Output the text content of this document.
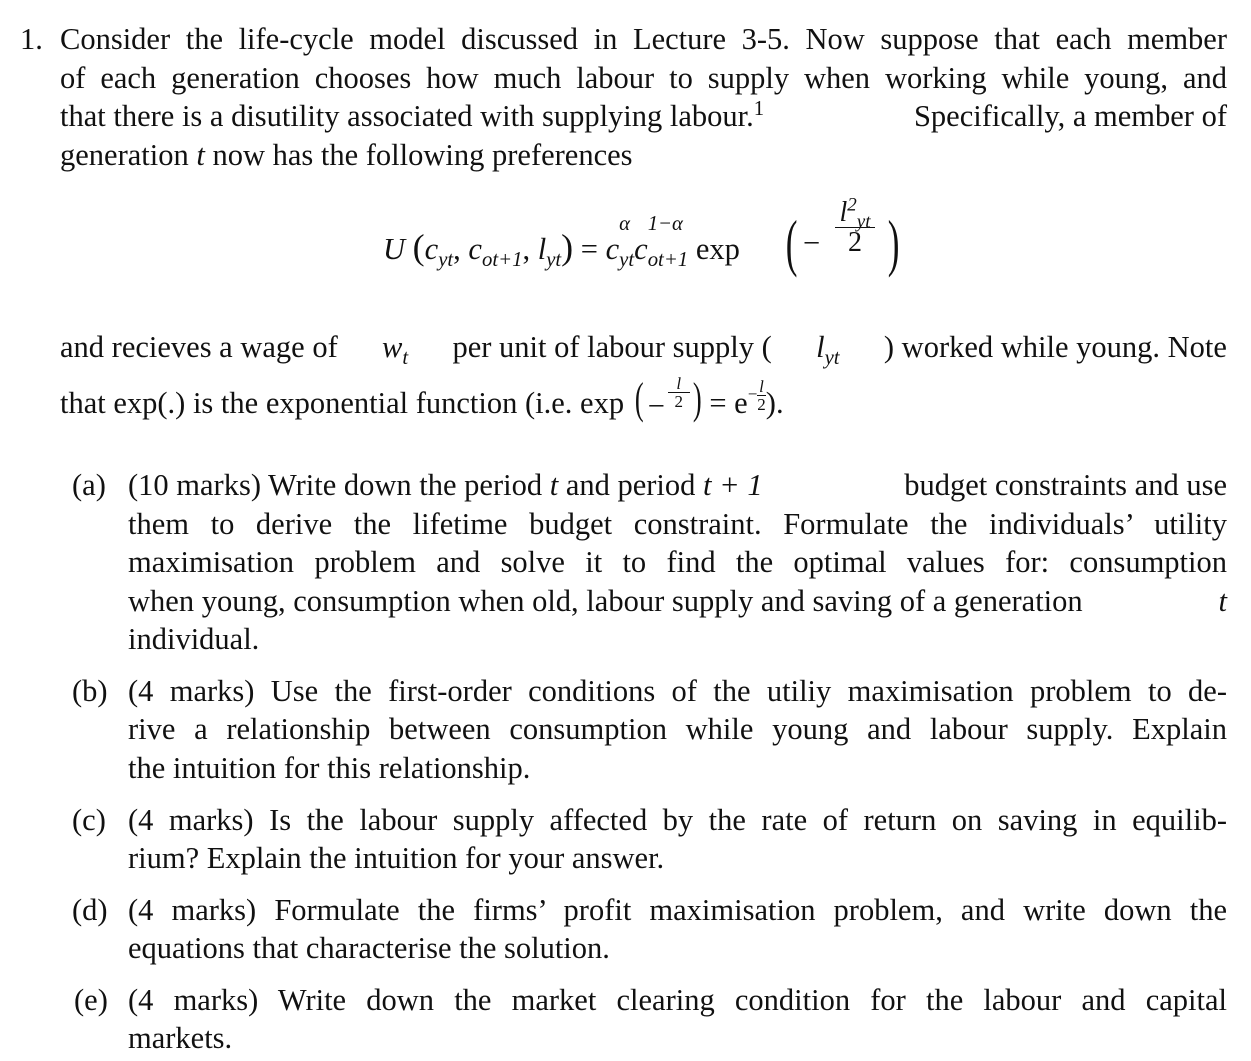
1. Consider the life-cycle model discussed in Lecture 3-5. Now suppose that each member
of each generation chooses how much labour to supply when working while young, and
that there is a disutility associated with supplying labour.$^1$	Specifically, a member of
generation t now has the following preferences
U ($c_{yt}$, $c_{ot+1}$, $l_{yt}) = c$
α
$_{yt}$c
1−α
$_{ot+1}$ exp ( −
$l^2_{yt}$
2 )
and recieves a wage of $w_t$ per unit of labour supply ( $l_{yt}$ ) worked while young. Note
that exp(.) is the exponential function (i.e. exp ( −
l
2 ) = $e- \frac{l}{2}$ ).
(a) (10 marks) Write down the period t and period t + 1	budget constraints and use
them to derive the lifetime budget constraint. Formulate the individuals’ utility
maximisation problem and solve it to find the optimal values for: consumption
when young, consumption when old, labour supply and saving of a generation	t
individual.
(b) (4 marks) Use the first-order conditions of the utiliy maximisation problem to de-
rive a relationship between consumption while young and labour supply. Explain
the intuition for this relationship.
(c) (4 marks) Is the labour supply affected by the rate of return on saving in equilib-
rium? Explain the intuition for your answer.
(d) (4 marks) Formulate the firms’ profit maximisation problem, and write down the
equations that characterise the solution.
(e) (4 marks) Write down the market clearing condition for the labour and capital
markets.
